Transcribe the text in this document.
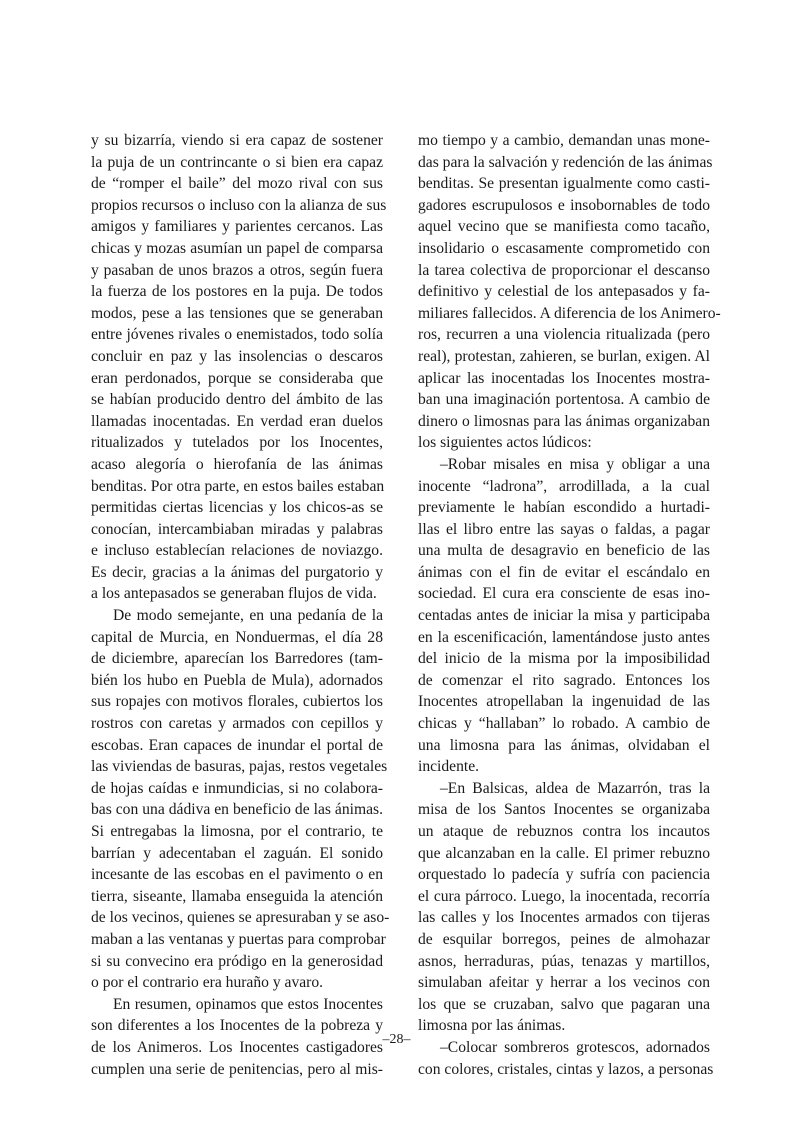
y su bizarría, viendo si era capaz de sostener
la puja de un contrincante o si bien era capaz
de “romper el baile” del mozo rival con sus
propios recursos o incluso con la alianza de sus
amigos y familiares y parientes cercanos. Las
chicas y mozas asumían un papel de comparsa
y pasaban de unos brazos a otros, según fuera
la fuerza de los postores en la puja. De todos
modos, pese a las tensiones que se generaban
entre jóvenes rivales o enemistados, todo solía
concluir en paz y las insolencias o descaros
eran perdonados, porque se consideraba que
se habían producido dentro del ámbito de las
llamadas inocentadas. En verdad eran duelos
ritualizados y tutelados por los Inocentes,
acaso alegoría o hierofanía de las ánimas
benditas. Por otra parte, en estos bailes estaban
permitidas ciertas licencias y los chicos-as se
conocían, intercambiaban miradas y palabras
e incluso establecían relaciones de noviazgo.
Es decir, gracias a la ánimas del purgatorio y
a los antepasados se generaban flujos de vida.
De modo semejante, en una pedanía de la
capital de Murcia, en Nonduermas, el día 28
de diciembre, aparecían los Barredores (tam-
bién los hubo en Puebla de Mula), adornados
sus ropajes con motivos florales, cubiertos los
rostros con caretas y armados con cepillos y
escobas. Eran capaces de inundar el portal de
las viviendas de basuras, pajas, restos vegetales
de hojas caídas e inmundicias, si no colabora-
bas con una dádiva en beneficio de las ánimas.
Si entregabas la limosna, por el contrario, te
barrían y adecentaban el zaguán. El sonido
incesante de las escobas en el pavimento o en
tierra, siseante, llamaba enseguida la atención
de los vecinos, quienes se apresuraban y se aso-
maban a las ventanas y puertas para comprobar
si su convecino era pródigo en la generosidad
o por el contrario era huraño y avaro.
En resumen, opinamos que estos Inocentes
son diferentes a los Inocentes de la pobreza y
de los Animeros. Los Inocentes castigadores
cumplen una serie de penitencias, pero al mis-
mo tiempo y a cambio, demandan unas mone-
das para la salvación y redención de las ánimas
benditas. Se presentan igualmente como casti-
gadores escrupulosos e insobornables de todo
aquel vecino que se manifiesta como tacaño,
insolidario o escasamente comprometido con
la tarea colectiva de proporcionar el descanso
definitivo y celestial de los antepasados y fa-
miliares fallecidos. A diferencia de los Animero-
ros, recurren a una violencia ritualizada (pero
real), protestan, zahieren, se burlan, exigen. Al
aplicar las inocentadas los Inocentes mostra-
ban una imaginación portentosa. A cambio de
dinero o limosnas para las ánimas organizaban
los siguientes actos lúdicos:
–Robar misales en misa y obligar a una
inocente “ladrona”, arrodillada, a la cual
previamente le habían escondido a hurtadi-
llas el libro entre las sayas o faldas, a pagar
una multa de desagravio en beneficio de las
ánimas con el fin de evitar el escándalo en
sociedad. El cura era consciente de esas ino-
centadas antes de iniciar la misa y participaba
en la escenificación, lamentándose justo antes
del inicio de la misma por la imposibilidad
de comenzar el rito sagrado. Entonces los
Inocentes atropellaban la ingenuidad de las
chicas y “hallaban” lo robado. A cambio de
una limosna para las ánimas, olvidaban el
incidente.
–En Balsicas, aldea de Mazarrón, tras la
misa de los Santos Inocentes se organizaba
un ataque de rebuznos contra los incautos
que alcanzaban en la calle. El primer rebuzno
orquestado lo padecía y sufría con paciencia
el cura párroco. Luego, la inocentada, recorría
las calles y los Inocentes armados con tijeras
de esquilar borregos, peines de almohazar
asnos, herraduras, púas, tenazas y martillos,
simulaban afeitar y herrar a los vecinos con
los que se cruzaban, salvo que pagaran una
limosna por las ánimas.
–Colocar sombreros grotescos, adornados
con colores, cristales, cintas y lazos, a personas
–28–
